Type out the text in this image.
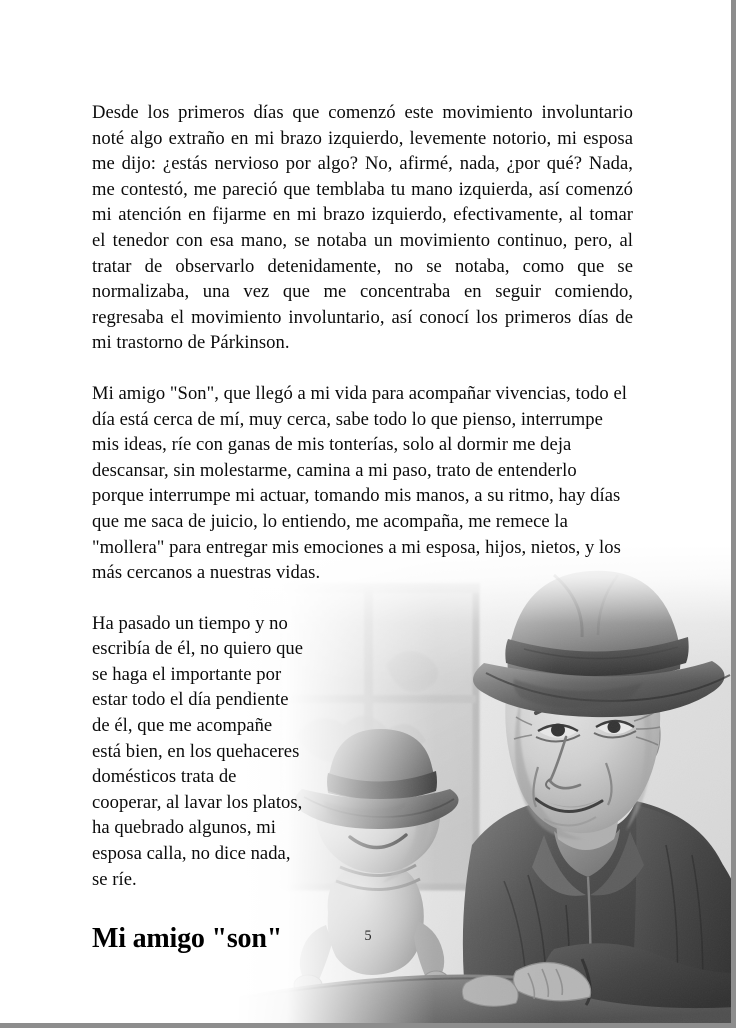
Desde los primeros días que comenzó este movimiento involuntario noté algo extraño en mi brazo izquierdo, levemente notorio, mi esposa me dijo: ¿estás nervioso por algo? No, afirmé, nada, ¿por qué? Nada, me contestó, me pareció que temblaba tu mano izquierda, así comenzó mi atención en fijarme en mi brazo izquierdo, efectivamente, al tomar el tenedor con esa mano, se notaba un movimiento continuo, pero, al tratar de observarlo detenidamente, no se notaba, como que se normalizaba, una vez que me concentraba en seguir comiendo, regresaba el movimiento involuntario, así conocí los primeros días de mi trastorno de Párkinson.

Mi amigo "Son", que llegó a mi vida para acompañar vivencias, todo el día está cerca de mí, muy cerca, sabe todo lo que pienso, interrumpe mis ideas, ríe con ganas de mis tonterías, solo al dormir me deja descansar, sin molestarme, camina a mi paso, trato de entenderlo porque interrumpe mi actuar, tomando mis manos, a su ritmo, hay días que me saca de juicio, lo entiendo, me acompaña, me remece la "mollera" para entregar mis emociones a mi esposa, hijos, nietos, y los más cercanos a nuestras vidas.

Ha pasado un tiempo y no escribía de él, no quiero que se haga el importante por estar todo el día pendiente de él, que me acompañe está bien, en los quehaceres domésticos trata de cooperar, al lavar los platos, ha quebrado algunos, mi esposa calla, no dice nada, se ríe.

Mi amigo "son"	5
